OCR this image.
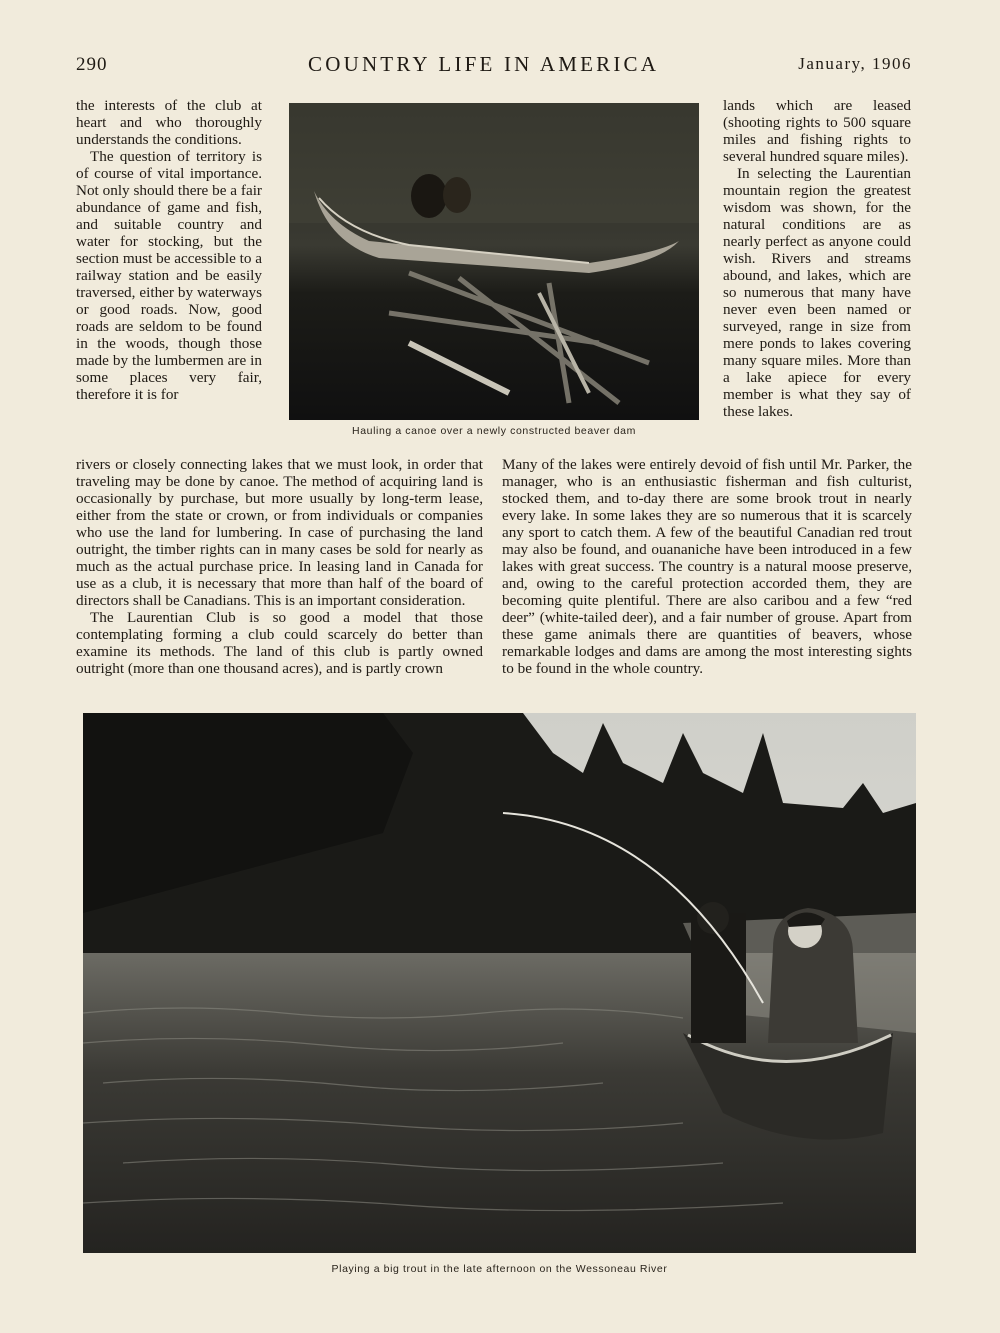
290	COUNTRY LIFE IN AMERICA	January, 1906

the interests of the club at heart and who thoroughly understands the conditions.

The question of territory is of course of vital importance. Not only should there be a fair abundance of game and fish, and suitable country and water for stocking, but the section must be accessible to a railway station and be easily traversed, either by waterways or good roads. Now, good roads are seldom to be found in the woods, though those made by the lumbermen are in some places very fair, therefore it is for

Hauling a canoe over a newly constructed beaver dam

lands which are leased (shooting rights to 500 square miles and fishing rights to several hundred square miles).

In selecting the Laurentian mountain region the greatest wisdom was shown, for the natural conditions are as nearly perfect as anyone could wish. Rivers and streams abound, and lakes, which are so numerous that many have never even been named or surveyed, range in size from mere ponds to lakes covering many square miles. More than a lake apiece for every member is what they say of these lakes.

rivers or closely connecting lakes that we must look, in order that traveling may be done by canoe. The method of acquiring land is occasionally by purchase, but more usually by long-term lease, either from the state or crown, or from individuals or companies who use the land for lumbering. In case of purchasing the land outright, the timber rights can in many cases be sold for nearly as much as the actual purchase price. In leasing land in Canada for use as a club, it is necessary that more than half of the board of directors shall be Canadians. This is an important consideration.

The Laurentian Club is so good a model that those contemplating forming a club could scarcely do better than examine its methods. The land of this club is partly owned outright (more than one thousand acres), and is partly crown

Many of the lakes were entirely devoid of fish until Mr. Parker, the manager, who is an enthusiastic fisherman and fish culturist, stocked them, and to-day there are some brook trout in nearly every lake. In some lakes they are so numerous that it is scarcely any sport to catch them. A few of the beautiful Canadian red trout may also be found, and ouananiche have been introduced in a few lakes with great success. The country is a natural moose preserve, and, owing to the careful protection accorded them, they are becoming quite plentiful. There are also caribou and a few “red deer” (white-tailed deer), and a fair number of grouse. Apart from these game animals there are quantities of beavers, whose remarkable lodges and dams are among the most interesting sights to be found in the whole country.

Playing a big trout in the late afternoon on the Wessoneau River
